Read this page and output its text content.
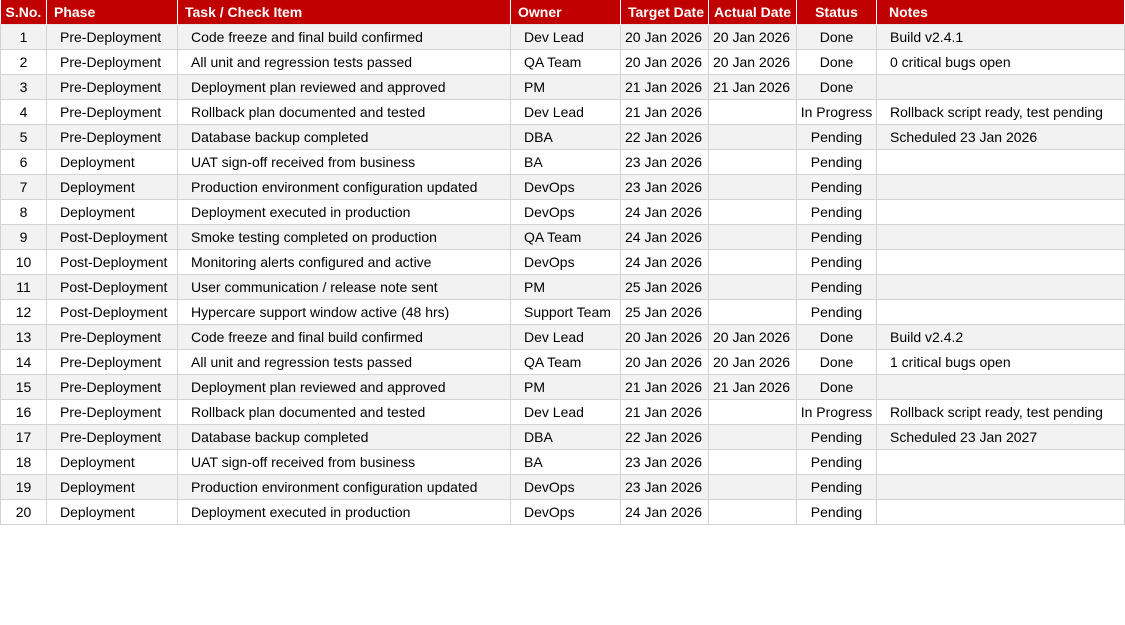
S.No.	Phase	Task / Check Item	Owner	Target Date	Actual Date	Status	Notes
1	Pre-Deployment	Code freeze and final build confirmed	Dev Lead	20 Jan 2026	20 Jan 2026	Done	Build v2.4.1
2	Pre-Deployment	All unit and regression tests passed	QA Team	20 Jan 2026	20 Jan 2026	Done	0 critical bugs open
3	Pre-Deployment	Deployment plan reviewed and approved	PM	21 Jan 2026	21 Jan 2026	Done	
4	Pre-Deployment	Rollback plan documented and tested	Dev Lead	21 Jan 2026		In Progress	Rollback script ready, test pending
5	Pre-Deployment	Database backup completed	DBA	22 Jan 2026		Pending	Scheduled 23 Jan 2026
6	Deployment	UAT sign-off received from business	BA	23 Jan 2026		Pending	
7	Deployment	Production environment configuration updated	DevOps	23 Jan 2026		Pending	
8	Deployment	Deployment executed in production	DevOps	24 Jan 2026		Pending	
9	Post-Deployment	Smoke testing completed on production	QA Team	24 Jan 2026		Pending	
10	Post-Deployment	Monitoring alerts configured and active	DevOps	24 Jan 2026		Pending	
11	Post-Deployment	User communication / release note sent	PM	25 Jan 2026		Pending	
12	Post-Deployment	Hypercare support window active (48 hrs)	Support Team	25 Jan 2026		Pending	
13	Pre-Deployment	Code freeze and final build confirmed	Dev Lead	20 Jan 2026	20 Jan 2026	Done	Build v2.4.2
14	Pre-Deployment	All unit and regression tests passed	QA Team	20 Jan 2026	20 Jan 2026	Done	1 critical bugs open
15	Pre-Deployment	Deployment plan reviewed and approved	PM	21 Jan 2026	21 Jan 2026	Done	
16	Pre-Deployment	Rollback plan documented and tested	Dev Lead	21 Jan 2026		In Progress	Rollback script ready, test pending
17	Pre-Deployment	Database backup completed	DBA	22 Jan 2026		Pending	Scheduled 23 Jan 2027
18	Deployment	UAT sign-off received from business	BA	23 Jan 2026		Pending	
19	Deployment	Production environment configuration updated	DevOps	23 Jan 2026		Pending	
20	Deployment	Deployment executed in production	DevOps	24 Jan 2026		Pending	
